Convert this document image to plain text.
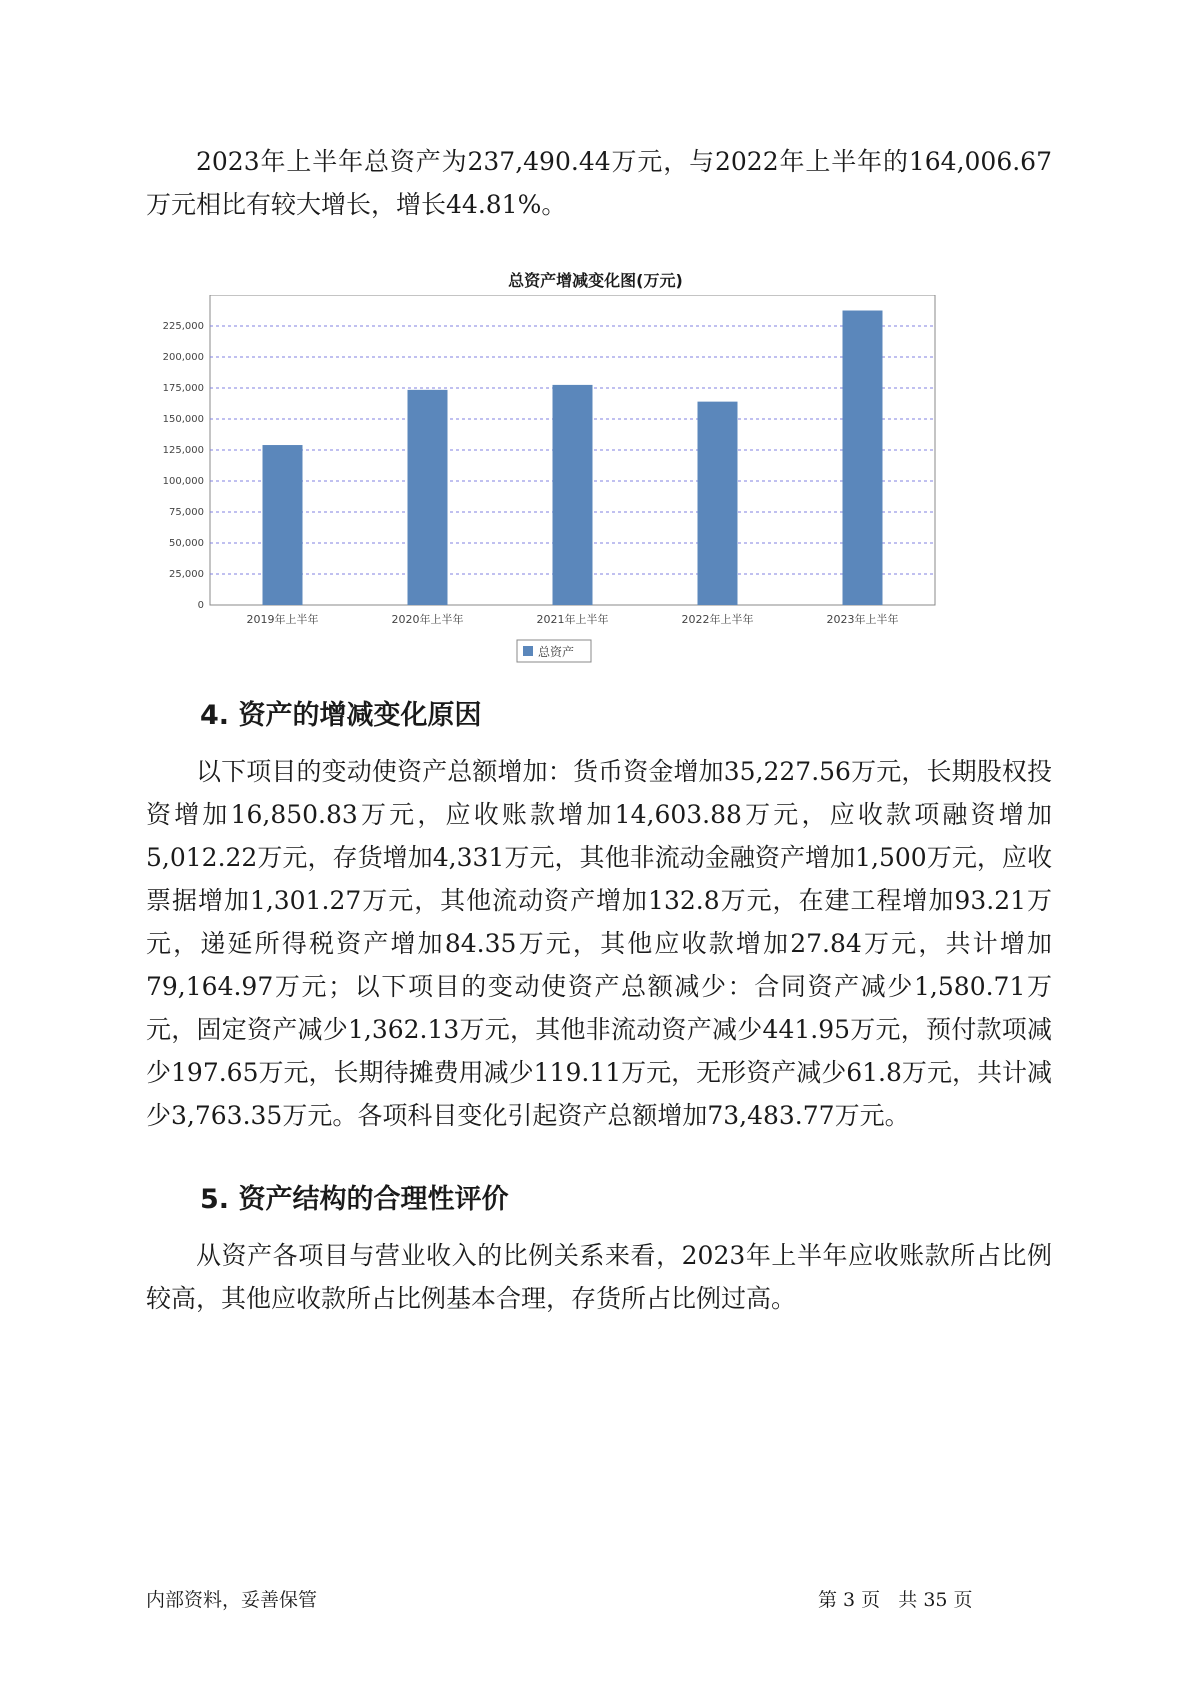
2023年上半年总资产为237,490.44万元，与2022年上半年的164,006.67万元相比有较大增长，增长44.81%。

总资产增减变化图(万元)
0
25,000
50,000
75,000
100,000
125,000
150,000
175,000
200,000
225,000
2019年上半年	2020年上半年	2021年上半年	2022年上半年	2023年上半年
总资产
4. 资产的增减变化原因

以下项目的变动使资产总额增加：货币资金增加35,227.56万元，长期股权投资增加16,850.83万元，应收账款增加14,603.88万元，应收款项融资增加5,012.22万元，存货增加4,331万元，其他非流动金融资产增加1,500万元，应收票据增加1,301.27万元，其他流动资产增加132.8万元，在建工程增加93.21万元，递延所得税资产增加84.35万元，其他应收款增加27.84万元，共计增加79,164.97万元；以下项目的变动使资产总额减少：合同资产减少1,580.71万元，固定资产减少1,362.13万元，其他非流动资产减少441.95万元，预付款项减少197.65万元，长期待摊费用减少119.11万元，无形资产减少61.8万元，共计减少3,763.35万元。各项科目变化引起资产总额增加73,483.77万元。

5. 资产结构的合理性评价

从资产各项目与营业收入的比例关系来看，2023年上半年应收账款所占比例较高，其他应收款所占比例基本合理，存货所占比例过高。

内部资料，妥善保管	第 3 页   共 35 页
